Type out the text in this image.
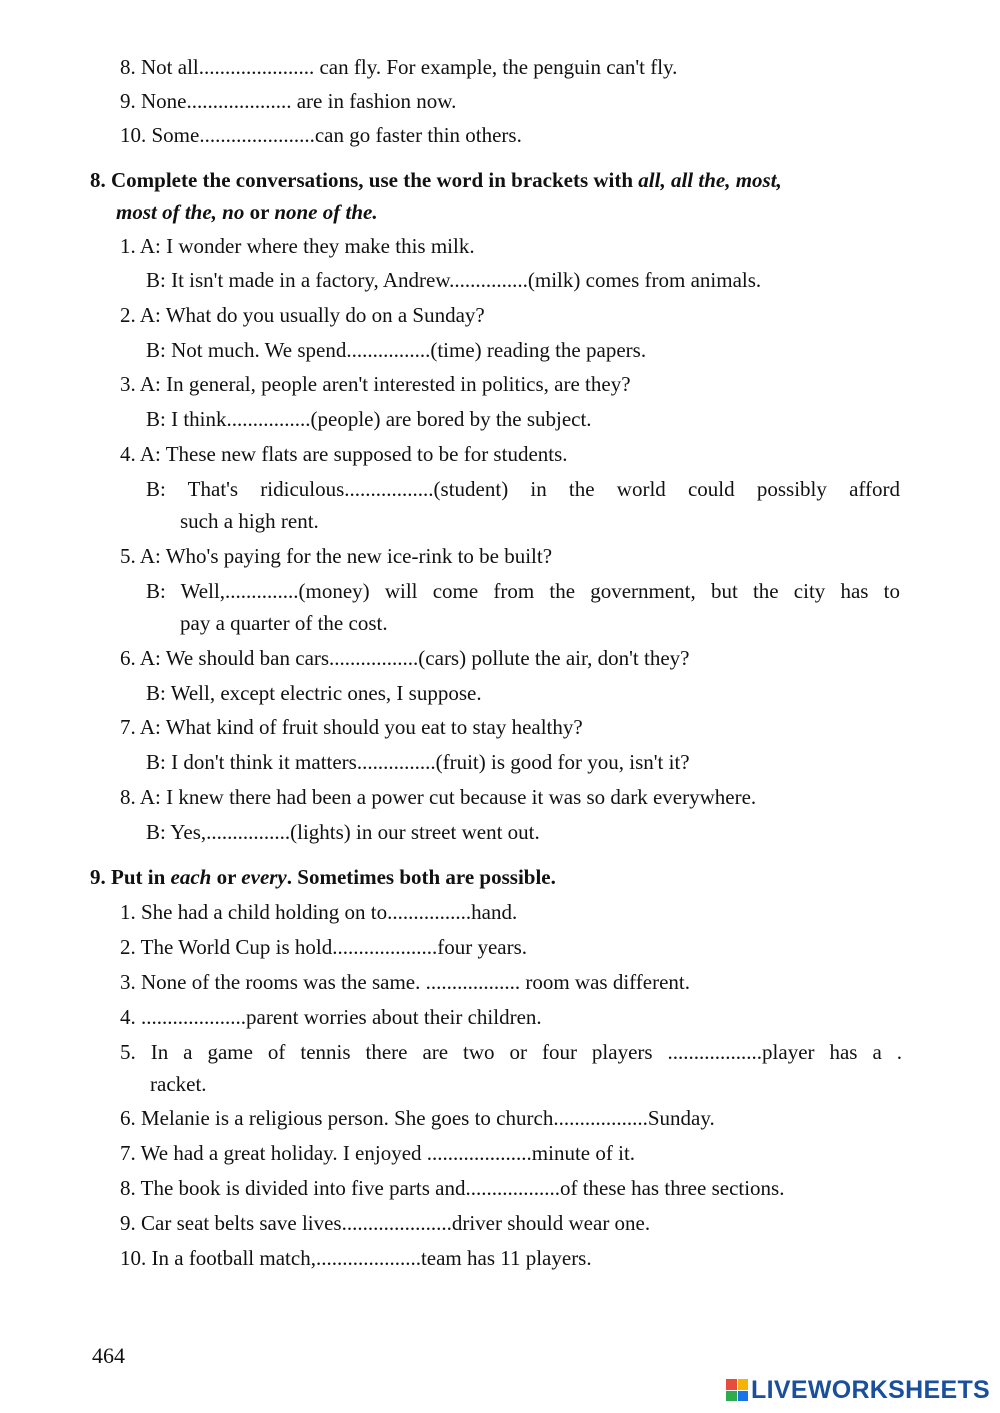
8. Not all...................... can fly. For example, the penguin can't fly.
9. None.................... are in fashion now.
10. Some......................can go faster thin others.
8. Complete the conversations, use the word in brackets with all, all the, most,
most of the, no or none of the.
1. A: I wonder where they make this milk.
B: It isn't made in a factory, Andrew...............(milk) comes from animals.
2. A: What do you usually do on a Sunday?
B: Not much. We spend................(time) reading the papers.
3. A: In general, people aren't interested in politics, are they?
B: I think................(people) are bored by the subject.
4. A: These new flats are supposed to be for students.
B: That's ridiculous.................(student) in the world could possibly afford
such a high rent.
5. A: Who's paying for the new ice-rink to be built?
B: Well,..............(money) will come from the government, but the city has to
pay a quarter of the cost.
6. A: We should ban cars.................(cars) pollute the air, don't they?
B: Well, except electric ones, I suppose.
7. A: What kind of fruit should you eat to stay healthy?
B: I don't think it matters...............(fruit) is good for you, isn't it?
8. A: I knew there had been a power cut because it was so dark everywhere.
B: Yes,................(lights) in our street went out.
9. Put in each or every. Sometimes both are possible.
1. She had a child holding on to................hand.
2. The World Cup is hold....................four years.
3. None of the rooms was the same. .................. room was different.
4. ....................parent worries about their children.
5. In a game of tennis there are two or four players ..................player has a .
racket.
6. Melanie is a religious person. She goes to church..................Sunday.
7. We had a great holiday. I enjoyed ....................minute of it.
8. The book is divided into five parts and..................of these has three sections.
9. Car seat belts save lives.....................driver should wear one.
10. In a football match,....................team has 11 players.
464
LIVEWORKSHEETS
